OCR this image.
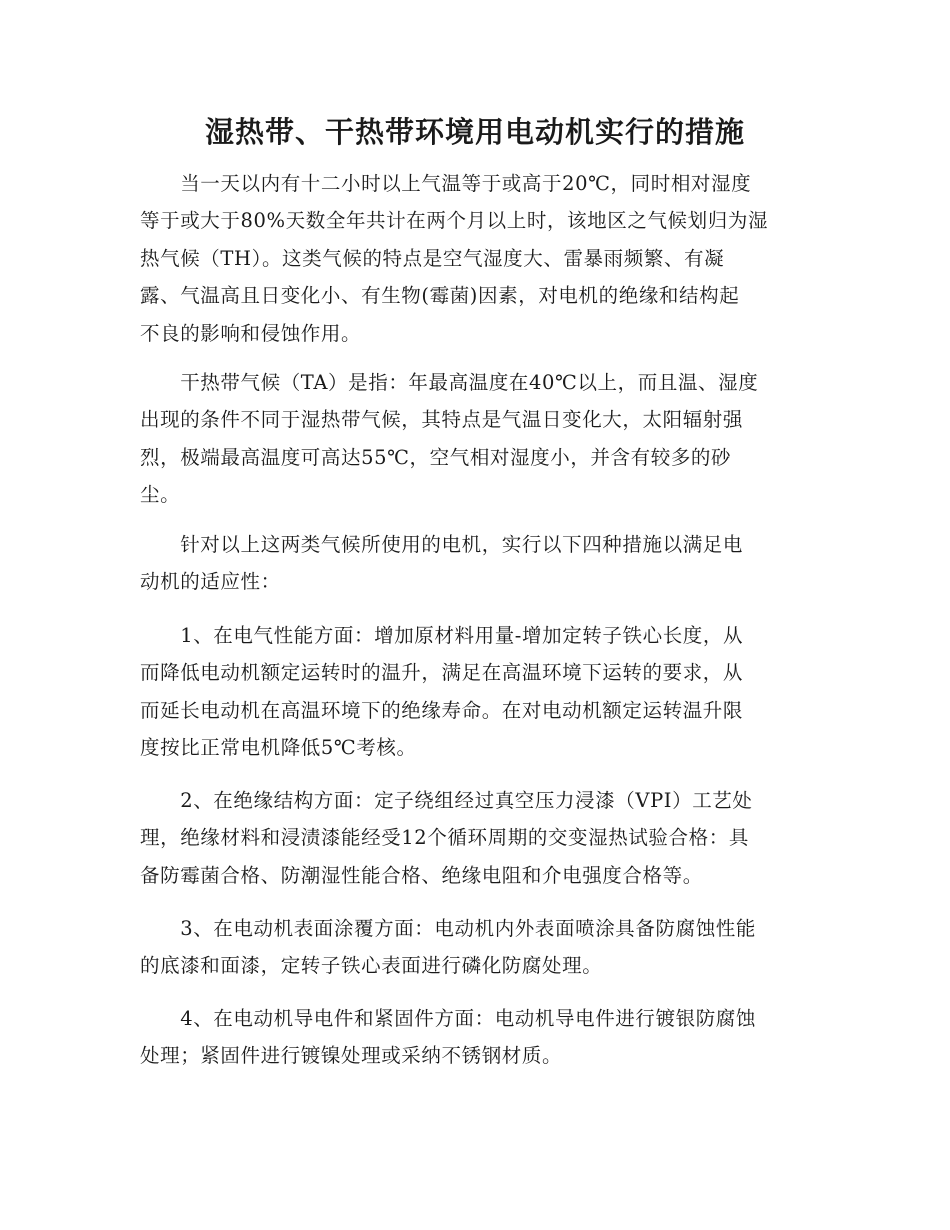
湿热带、干热带环境用电动机实行的措施

　　当一天以内有十二小时以上气温等于或高于20℃，同时相对湿度
等于或大于80%天数全年共计在两个月以上时，该地区之气候划归为湿
热气候（TH）。这类气候的特点是空气湿度大、雷暴雨频繁、有凝
露、气温高且日变化小、有生物(霉菌)因素，对电机的绝缘和结构起
不良的影响和侵蚀作用。

　　干热带气候（TA）是指：年最高温度在40℃以上，而且温、湿度
出现的条件不同于湿热带气候，其特点是气温日变化大，太阳辐射强
烈，极端最高温度可高达55℃，空气相对湿度小，并含有较多的砂
尘。

　　针对以上这两类气候所使用的电机，实行以下四种措施以满足电
动机的适应性：

　　1、在电气性能方面：增加原材料用量-增加定转子铁心长度，从
而降低电动机额定运转时的温升，满足在高温环境下运转的要求，从
而延长电动机在高温环境下的绝缘寿命。在对电动机额定运转温升限
度按比正常电机降低5℃考核。

　　2、在绝缘结构方面：定子绕组经过真空压力浸漆（VPI）工艺处
理，绝缘材料和浸渍漆能经受12个循环周期的交变湿热试验合格：具
备防霉菌合格、防潮湿性能合格、绝缘电阻和介电强度合格等。

　　3、在电动机表面涂覆方面：电动机内外表面喷涂具备防腐蚀性能
的底漆和面漆，定转子铁心表面进行磷化防腐处理。

　　4、在电动机导电件和紧固件方面：电动机导电件进行镀银防腐蚀
处理；紧固件进行镀镍处理或采纳不锈钢材质。
